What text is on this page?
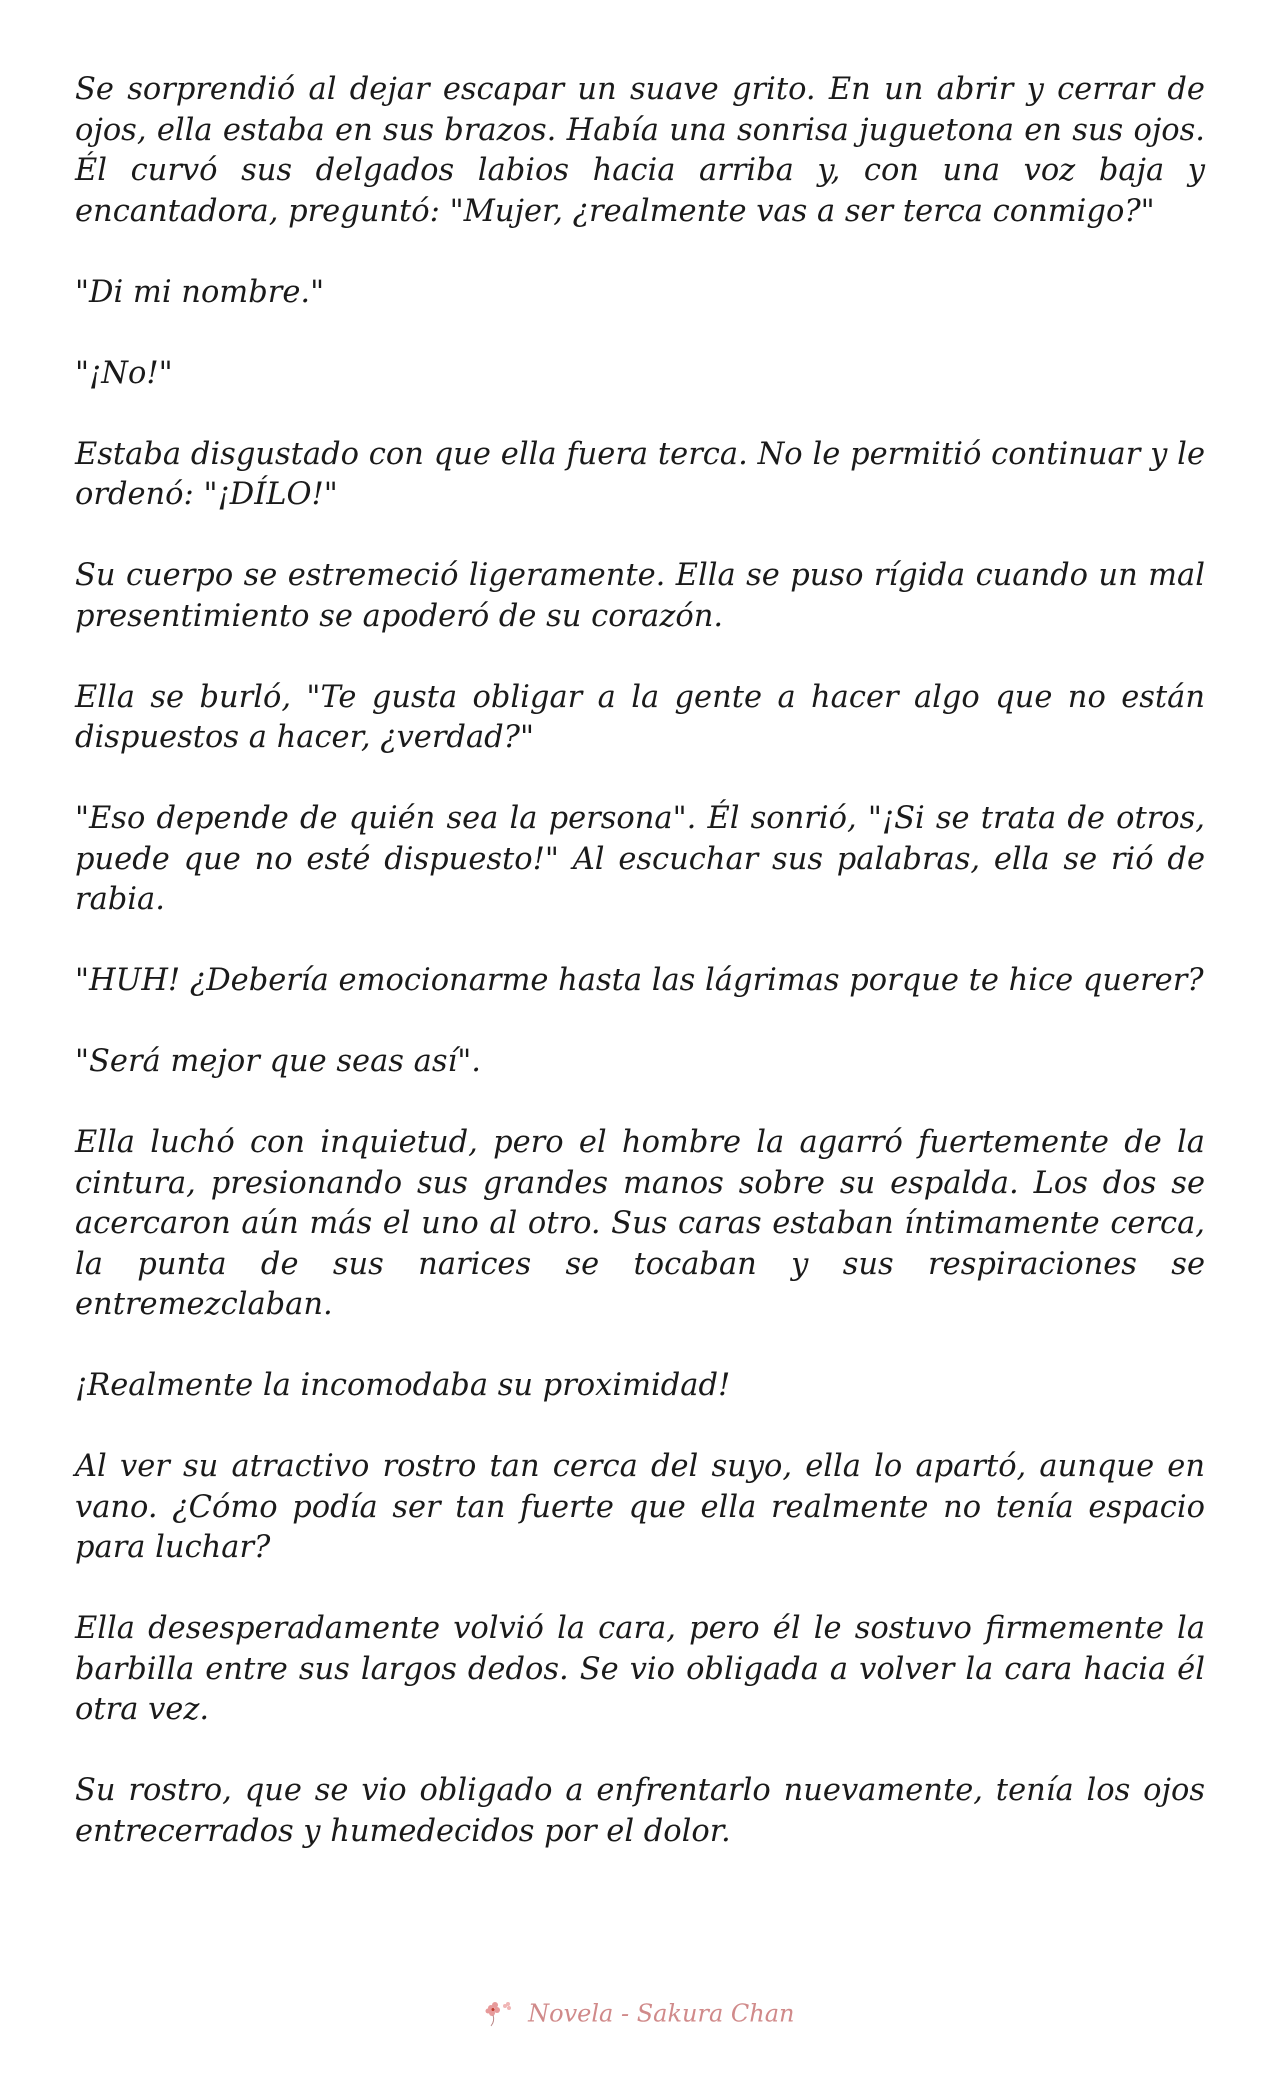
Se sorprendió al dejar escapar un suave grito. En un abrir y cerrar de ojos, ella estaba en sus brazos. Había una sonrisa juguetona en sus ojos. Él curvó sus delgados labios hacia arriba y, con una voz baja y encantadora, preguntó: "Mujer, ¿realmente vas a ser terca conmigo?"

"Di mi nombre."

"¡No!"

Estaba disgustado con que ella fuera terca. No le permitió continuar y le ordenó: "¡DÍLO!"

Su cuerpo se estremeció ligeramente. Ella se puso rígida cuando un mal presentimiento se apoderó de su corazón.

Ella se burló, "Te gusta obligar a la gente a hacer algo que no están dispuestos a hacer, ¿verdad?"

"Eso depende de quién sea la persona". Él sonrió, "¡Si se trata de otros, puede que no esté dispuesto!" Al escuchar sus palabras, ella se rió de rabia.

"HUH! ¿Debería emocionarme hasta las lágrimas porque te hice querer?

"Será mejor que seas así".

Ella luchó con inquietud, pero el hombre la agarró fuertemente de la cintura, presionando sus grandes manos sobre su espalda. Los dos se acercaron aún más el uno al otro. Sus caras estaban íntimamente cerca, la punta de sus narices se tocaban y sus respiraciones se entremezclaban.

¡Realmente la incomodaba su proximidad!

Al ver su atractivo rostro tan cerca del suyo, ella lo apartó, aunque en vano. ¿Cómo podía ser tan fuerte que ella realmente no tenía espacio para luchar?

Ella desesperadamente volvió la cara, pero él le sostuvo firmemente la barbilla entre sus largos dedos. Se vio obligada a volver la cara hacia él otra vez.

Su rostro, que se vio obligado a enfrentarlo nuevamente, tenía los ojos entrecerrados y humedecidos por el dolor.

Novela - Sakura Chan
